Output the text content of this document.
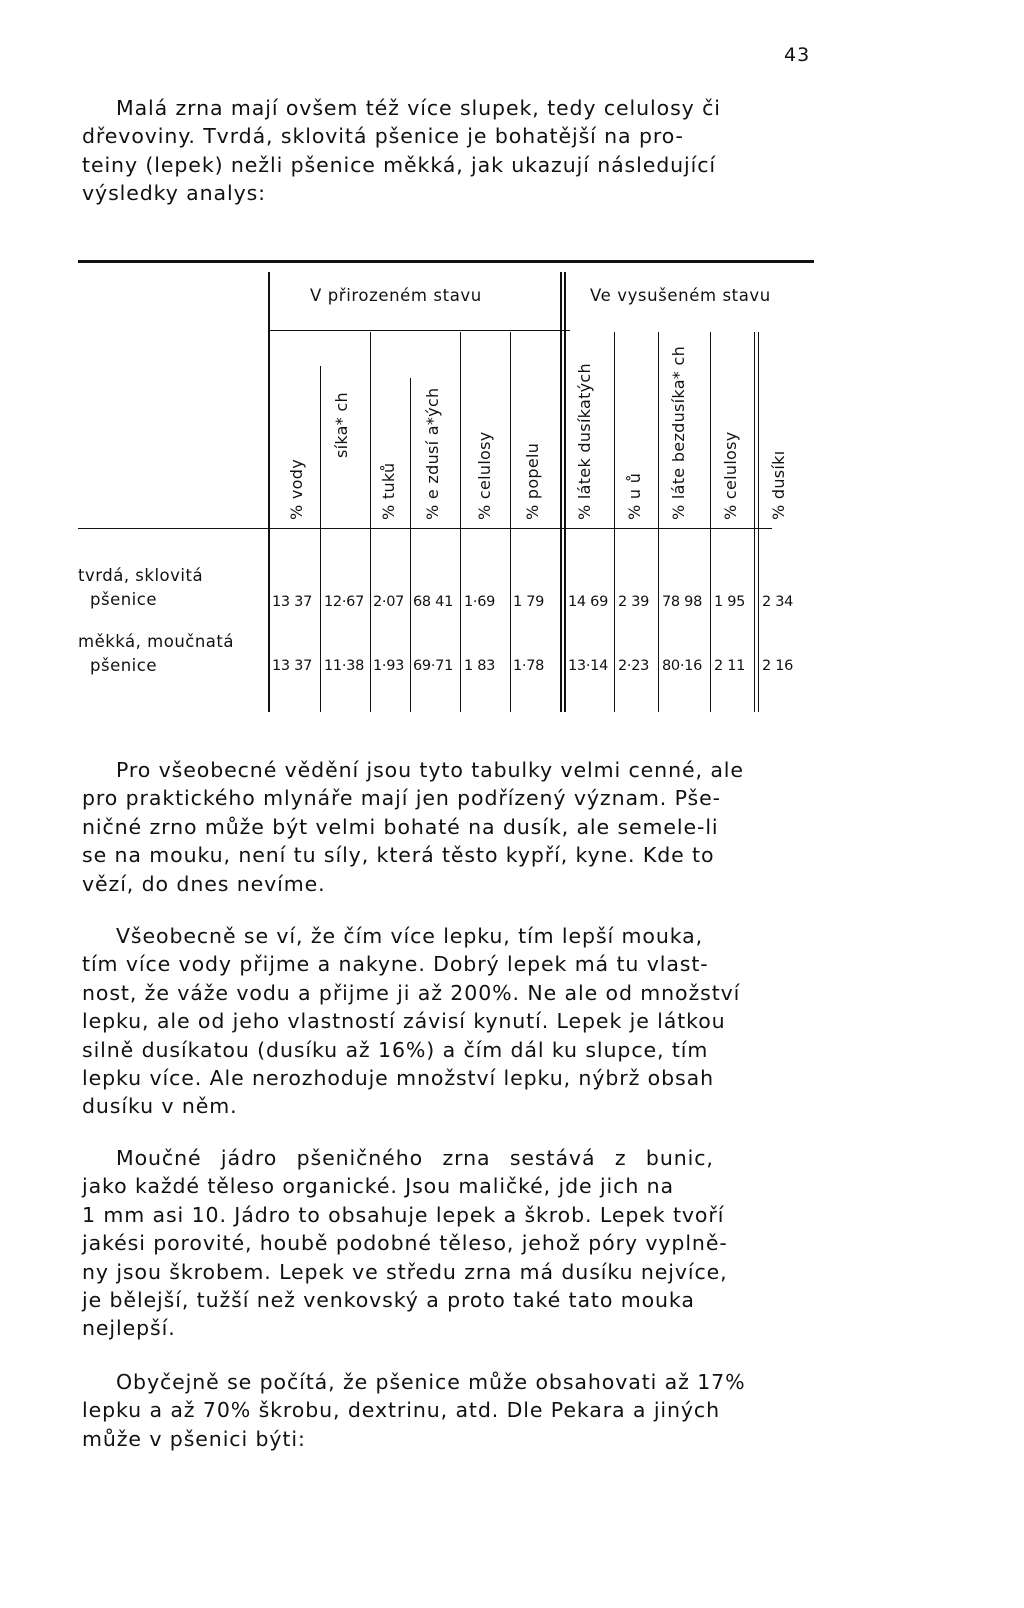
43

Malá zrna mají ovšem též více slupek, tedy celulosy či
dřevoviny. Tvrdá, sklovitá pšenice je bohatější na pro-
teiny (lepek) nežli pšenice měkká, jak ukazují následující
výsledky analys:

V přirozeném stavu	Ve vysušeném stavu
% vody
síka* ch
% tuků % e zdusí a*ých % celulosy % popelu % látek dusíkatých % u ů % láte bezdusíka* ch % celulosy % dusíkı
tvrdá, sklovitá
pšenice
měkká, moučnatá
pšenice
13 37 12·67 2·07 68 41 1·69 1 79 14 69 2 39 78 98 1 95 2 34
13 37 11·38 1·93 69·71 1 83 1·78 13·14 2·23 80·16 2 11 2 16

Pro všeobecné vědění jsou tyto tabulky velmi cenné, ale
pro praktického mlynáře mají jen podřízený význam. Pše-
ničné zrno může být velmi bohaté na dusík, ale semele-li
se na mouku, není tu síly, která těsto kypří, kyne. Kde to
vězí, do dnes nevíme.

Všeobecně se ví, že čím více lepku, tím lepší mouka,
tím více vody přijme a nakyne. Dobrý lepek má tu vlast-
nost, že váže vodu a přijme ji až 200%. Ne ale od množství
lepku, ale od jeho vlastností závisí kynutí. Lepek je látkou
silně dusíkatou (dusíku až 16%) a čím dál ku slupce, tím
lepku více. Ale nerozhoduje množství lepku, nýbrž obsah
dusíku v něm.

Moučné jádro pšeničného zrna sestává z bunic,
jako každé těleso organické. Jsou maličké, jde jich na
1 mm asi 10. Jádro to obsahuje lepek a škrob. Lepek tvoří
jakési porovité, houbě podobné těleso, jehož póry vyplně-
ny jsou škrobem. Lepek ve středu zrna má dusíku nejvíce,
je bělejší, tužší než venkovský a proto také tato mouka
nejlepší.

Obyčejně se počítá, že pšenice může obsahovati až 17%
lepku a až 70% škrobu, dextrinu, atd. Dle Pekara a jiných
může v pšenici býti:
